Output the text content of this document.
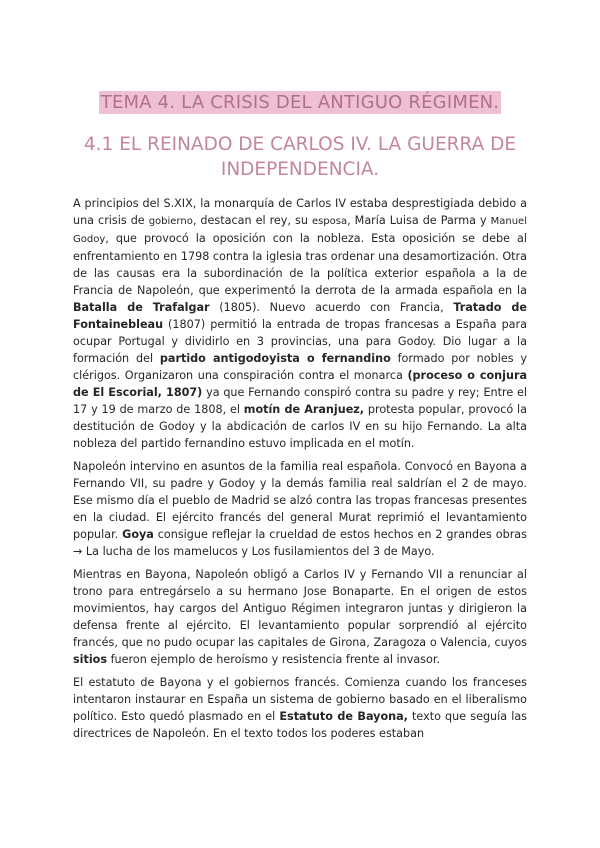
TEMA 4. LA CRISIS DEL ANTIGUO RÉGIMEN.
4.1 EL REINADO DE CARLOS IV. LA GUERRA DE INDEPENDENCIA.

A principios del S.XIX, la monarquía de Carlos IV estaba desprestigiada debido a una crisis de gobierno, destacan el rey, su esposa, María Luisa de Parma y Manuel Godoy, que provocó la oposición con la nobleza. Esta oposición se debe al enfrentamiento en 1798 contra la iglesia tras ordenar una desamortización. Otra de las causas era la subordinación de la política exterior española a la de Francia de Napoleón, que experimentó la derrota de la armada española en la Batalla de Trafalgar (1805). Nuevo acuerdo con Francia, Tratado de Fontainebleau (1807) permitió la entrada de tropas francesas a España para ocupar Portugal y dividirlo en 3 provincias, una para Godoy. Dio lugar a la formación del partido antigodoyista o fernandino formado por nobles y clérigos. Organizaron una conspiración contra el monarca (proceso o conjura de El Escorial, 1807) ya que Fernando conspiró contra su padre y rey; Entre el 17 y 19 de marzo de 1808, el motín de Aranjuez, protesta popular, provocó la destitución de Godoy y la abdicación de carlos IV en su hijo Fernando. La alta nobleza del partido fernandino estuvo implicada en el motín.

Napoleón intervino en asuntos de la familia real española. Convocó en Bayona a Fernando VII, su padre y Godoy y la demás familia real saldrían el 2 de mayo. Ese mismo día el pueblo de Madrid se alzó contra las tropas francesas presentes en la ciudad. El ejército francés del general Murat reprimió el levantamiento popular. Goya consigue reflejar la crueldad de estos hechos en 2 grandes obras → La lucha de los mamelucos y Los fusilamientos del 3 de Mayo.

Mientras en Bayona, Napoleón obligó a Carlos IV y Fernando VII a renunciar al trono para entregárselo a su hermano Jose Bonaparte. En el origen de estos movimientos, hay cargos del Antiguo Régimen integraron juntas y dirigieron la defensa frente al ejército. El levantamiento popular sorprendió al ejército francés, que no pudo ocupar las capitales de Girona, Zaragoza o Valencia, cuyos sitios fueron ejemplo de heroísmo y resistencia frente al invasor.

El estatuto de Bayona y el gobiernos francés. Comienza cuando los franceses intentaron instaurar en España un sistema de gobierno basado en el liberalismo político. Esto quedó plasmado en el Estatuto de Bayona, texto que seguía las directrices de Napoleón. En el texto todos los poderes estaban
